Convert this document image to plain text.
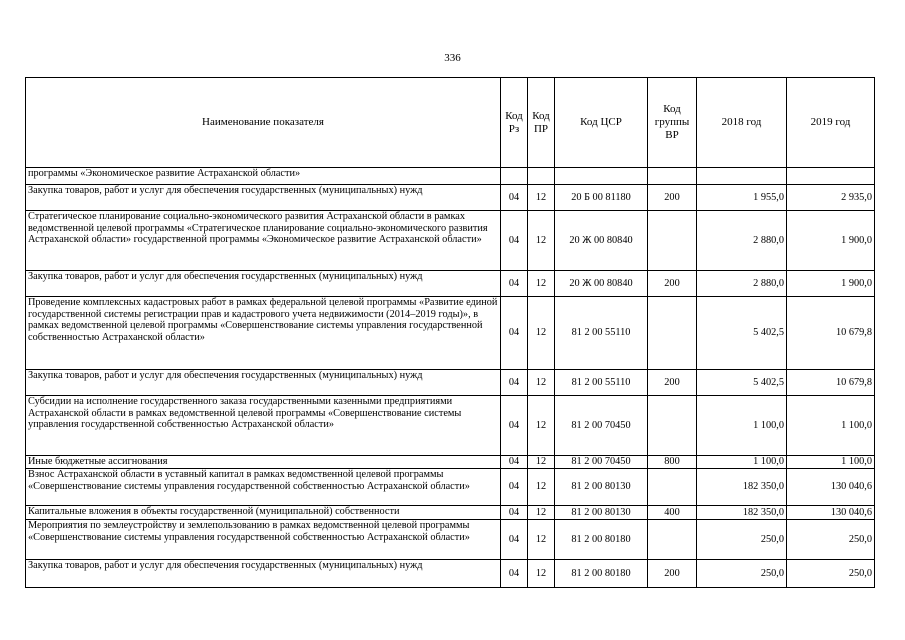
336
Наименование показателя	Код Рз	Код ПР	Код ЦСР	Код группы ВР	2018 год	2019 год
программы «Экономическое развитие Астраханской области»						
Закупка товаров, работ и услуг для обеспечения государственных (муниципальных) нужд	04	12	20 Б 00 81180	200	1 955,0	2 935,0
Стратегическое планирование социально-экономического развития Астраханской области в рамках ведомственной целевой программы «Стратегическое планирование социально-экономического развития Астраханской области» государственной программы «Экономическое развитие Астраханской области»	04	12	20 Ж 00 80840		2 880,0	1 900,0
Закупка товаров, работ и услуг для обеспечения государственных (муниципальных) нужд	04	12	20 Ж 00 80840	200	2 880,0	1 900,0
Проведение комплексных кадастровых работ в рамках федеральной целевой программы «Развитие единой государственной системы регистрации прав и кадастрового учета недвижимости (2014–2019 годы)», в рамках ведомственной целевой программы «Совершенствование системы управления государственной собственностью Астраханской области»	04	12	81 2 00 55110		5 402,5	10 679,8
Закупка товаров, работ и услуг для обеспечения государственных (муниципальных) нужд	04	12	81 2 00 55110	200	5 402,5	10 679,8
Субсидии на исполнение государственного заказа государственными казенными предприятиями Астраханской области в рамках ведомственной целевой программы «Совершенствование системы управления государственной собственностью Астраханской области»	04	12	81 2 00 70450		1 100,0	1 100,0
Иные бюджетные ассигнования	04	12	81 2 00 70450	800	1 100,0	1 100,0
Взнос Астраханской области в уставный капитал в рамках ведомственной целевой программы «Совершенствование системы управления государственной собственностью Астраханской области»	04	12	81 2 00 80130		182 350,0	130 040,6
Капитальные вложения в объекты государственной (муниципальной) собственности	04	12	81 2 00 80130	400	182 350,0	130 040,6
Мероприятия по землеустройству и землепользованию в рамках ведомственной целевой программы «Совершенствование системы управления государственной собственностью Астраханской области»	04	12	81 2 00 80180		250,0	250,0
Закупка товаров, работ и услуг для обеспечения государственных (муниципальных) нужд	04	12	81 2 00 80180	200	250,0	250,0
